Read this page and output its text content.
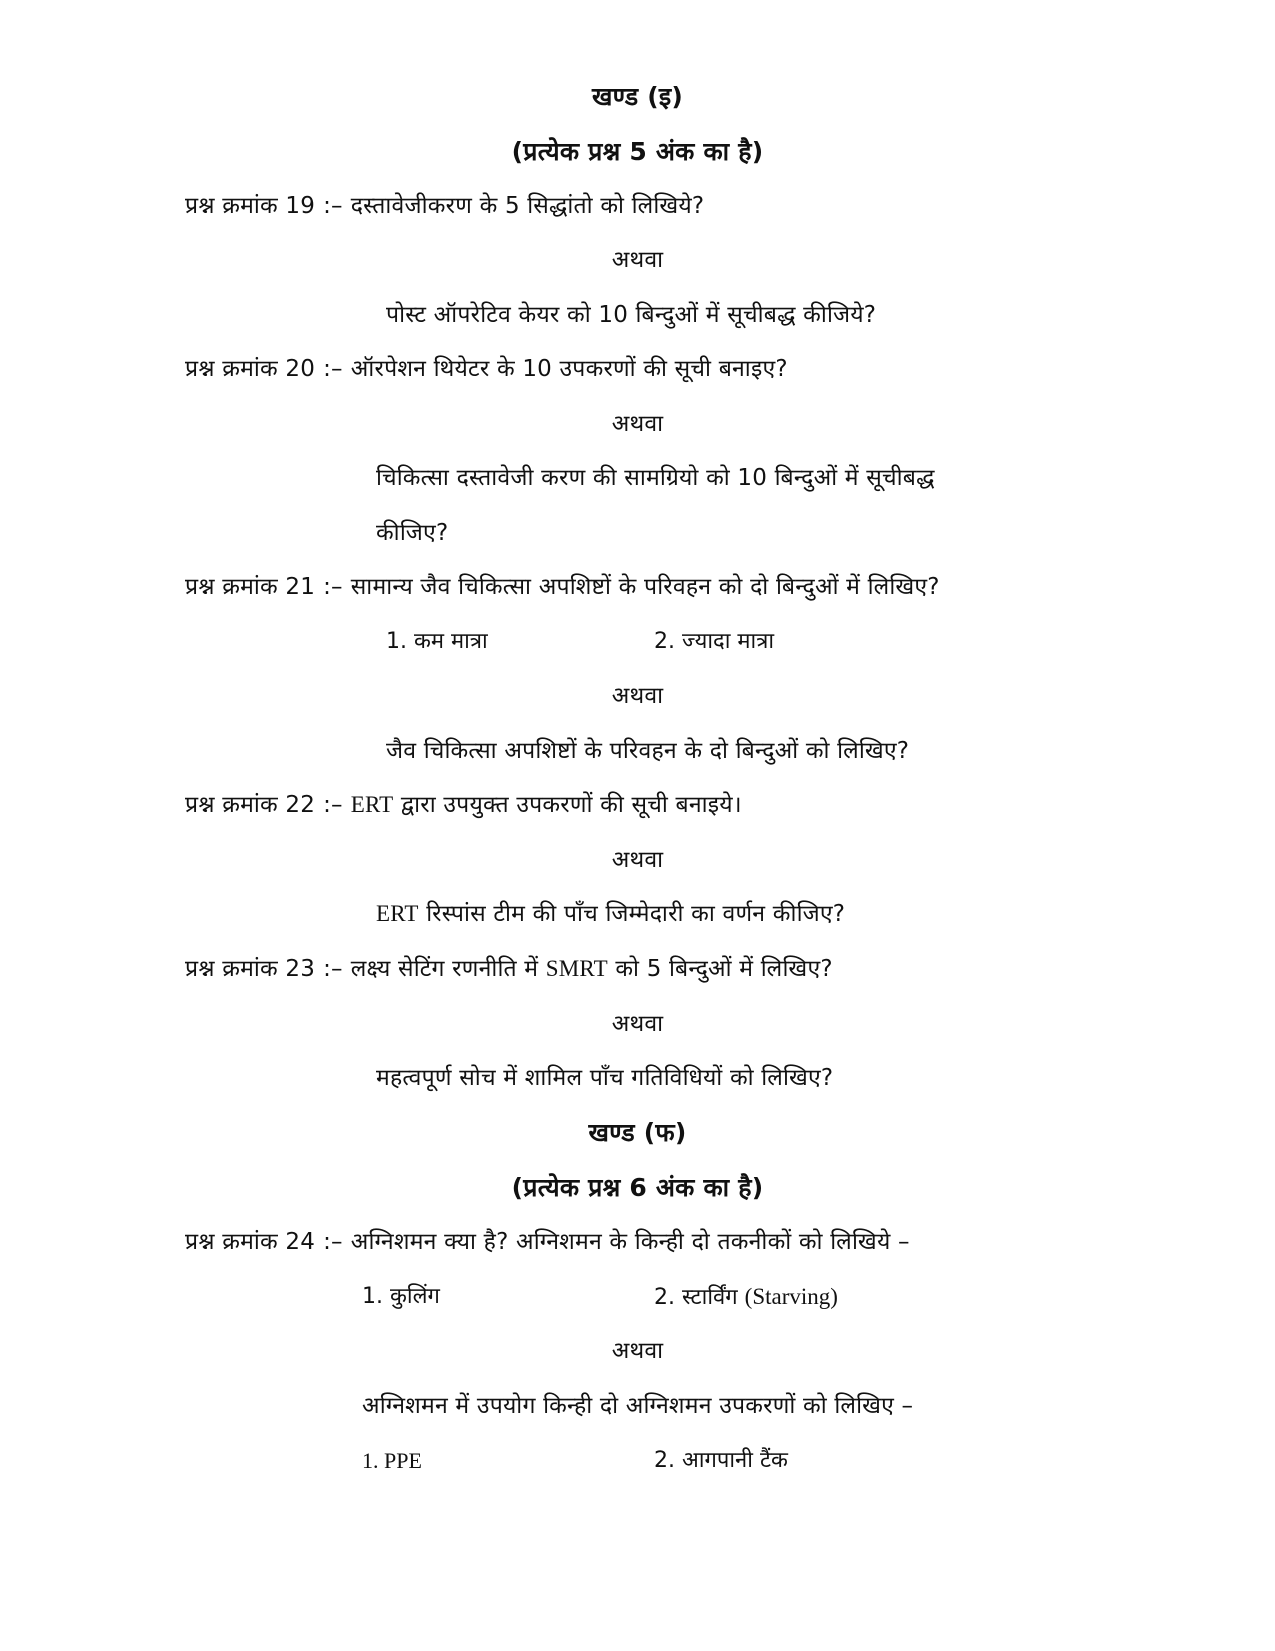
खण्ड (इ)
(प्रत्येक प्रश्न 5 अंक का है)
प्रश्न क्रमांक 19 :– दस्तावेजीकरण के 5 सिद्धांतो को लिखिये?
अथवा
पोस्ट ऑपरेटिव केयर को 10 बिन्दुओं में सूचीबद्ध कीजिये?
प्रश्न क्रमांक 20 :– ऑरपेशन थियेटर के 10 उपकरणों की सूची बनाइए?
अथवा
चिकित्सा दस्तावेजी करण की सामग्रियो को 10 बिन्दुओं में सूचीबद्ध
कीजिए?
प्रश्न क्रमांक 21 :– सामान्य जैव चिकित्सा अपशिष्टों के परिवहन को दो बिन्दुओं में लिखिए?
1. कम मात्रा	2. ज्यादा मात्रा
अथवा
जैव चिकित्सा अपशिष्टों के परिवहन के दो बिन्दुओं को लिखिए?
प्रश्न क्रमांक 22 :– ERT द्वारा उपयुक्त उपकरणों की सूची बनाइये।
अथवा
ERT रिस्पांस टीम की पाँच जिम्मेदारी का वर्णन कीजिए?
प्रश्न क्रमांक 23 :– लक्ष्य सेटिंग रणनीति में SMRT को 5 बिन्दुओं में लिखिए?
अथवा
महत्वपूर्ण सोच में शामिल पाँच गतिविधियों को लिखिए?
खण्ड (फ)
(प्रत्येक प्रश्न 6 अंक का है)
प्रश्न क्रमांक 24 :– अग्निशमन क्या है? अग्निशमन के किन्ही दो तकनीकों को लिखिये –
1. कुलिंग	2. स्टार्विंग (Starving)
अथवा
अग्निशमन में उपयोग किन्ही दो अग्निशमन उपकरणों को लिखिए –
1. PPE	2. आगपानी टैंक
